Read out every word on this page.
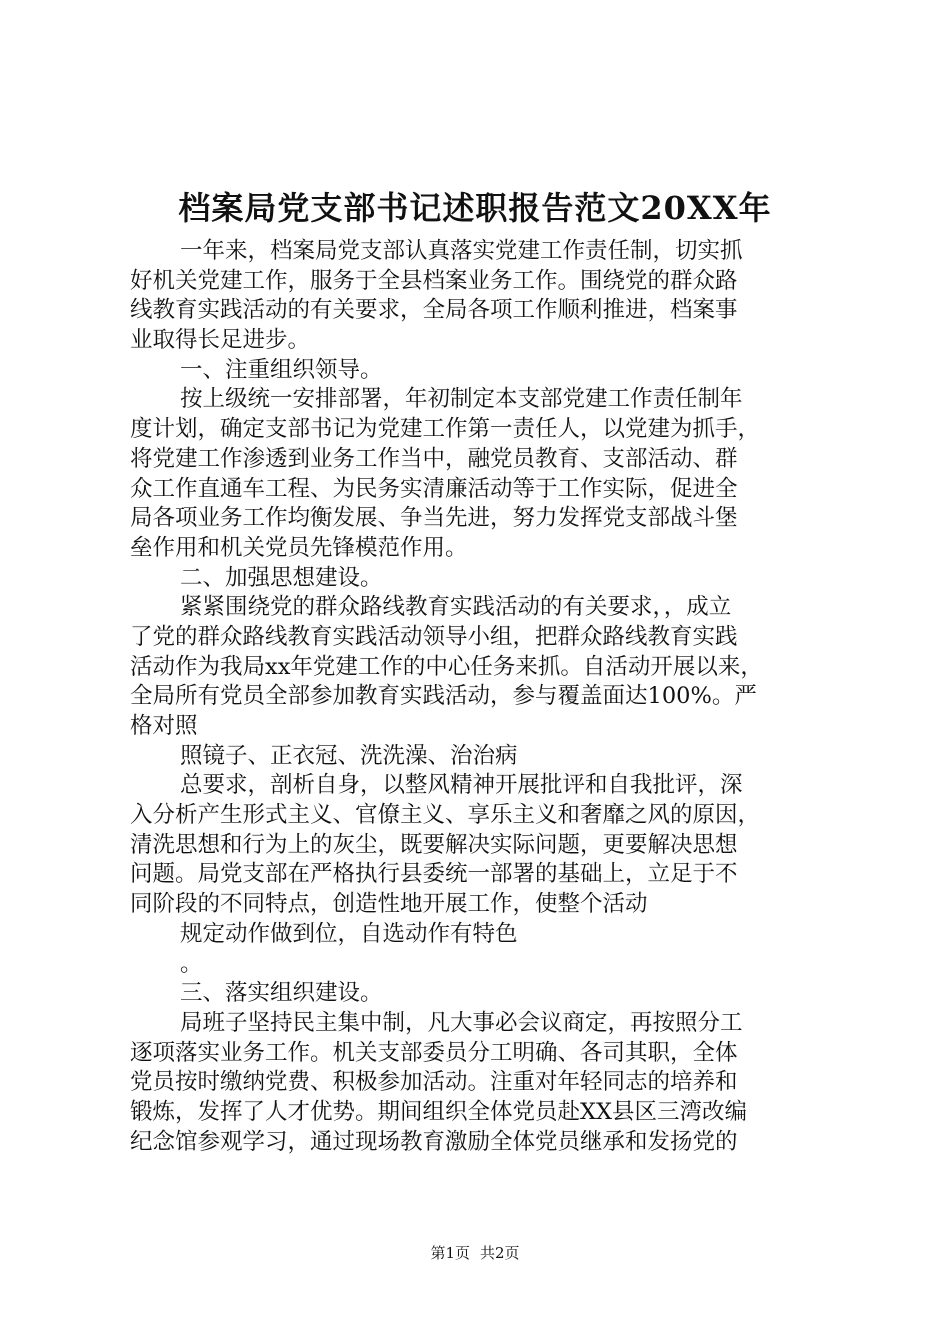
档案局党支部书记述职报告范文20XX年
一年来，档案局党支部认真落实党建工作责任制，切实抓
好机关党建工作，服务于全县档案业务工作。围绕党的群众路
线教育实践活动的有关要求，全局各项工作顺利推进，档案事
业取得长足进步。
一、注重组织领导。
按上级统一安排部署，年初制定本支部党建工作责任制年
度计划，确定支部书记为党建工作第一责任人，以党建为抓手，
将党建工作渗透到业务工作当中，融党员教育、支部活动、群
众工作直通车工程、为民务实清廉活动等于工作实际，促进全
局各项业务工作均衡发展、争当先进，努力发挥党支部战斗堡
垒作用和机关党员先锋模范作用。
二、加强思想建设。
紧紧围绕党的群众路线教育实践活动的有关要求，，成立
了党的群众路线教育实践活动领导小组，把群众路线教育实践
活动作为我局xx年党建工作的中心任务来抓。自活动开展以来，
全局所有党员全部参加教育实践活动，参与覆盖面达100%。严
格对照
照镜子、正衣冠、洗洗澡、治治病
总要求，剖析自身，以整风精神开展批评和自我批评，深
入分析产生形式主义、官僚主义、享乐主义和奢靡之风的原因，
清洗思想和行为上的灰尘，既要解决实际问题，更要解决思想
问题。局党支部在严格执行县委统一部署的基础上，立足于不
同阶段的不同特点，创造性地开展工作，使整个活动
规定动作做到位，自选动作有特色
。
三、落实组织建设。
局班子坚持民主集中制，凡大事必会议商定，再按照分工
逐项落实业务工作。机关支部委员分工明确、各司其职，全体
党员按时缴纳党费、积极参加活动。注重对年轻同志的培养和
锻炼，发挥了人才优势。期间组织全体党员赴XX县区三湾改编
纪念馆参观学习，通过现场教育激励全体党员继承和发扬党的
第1页 共2页
